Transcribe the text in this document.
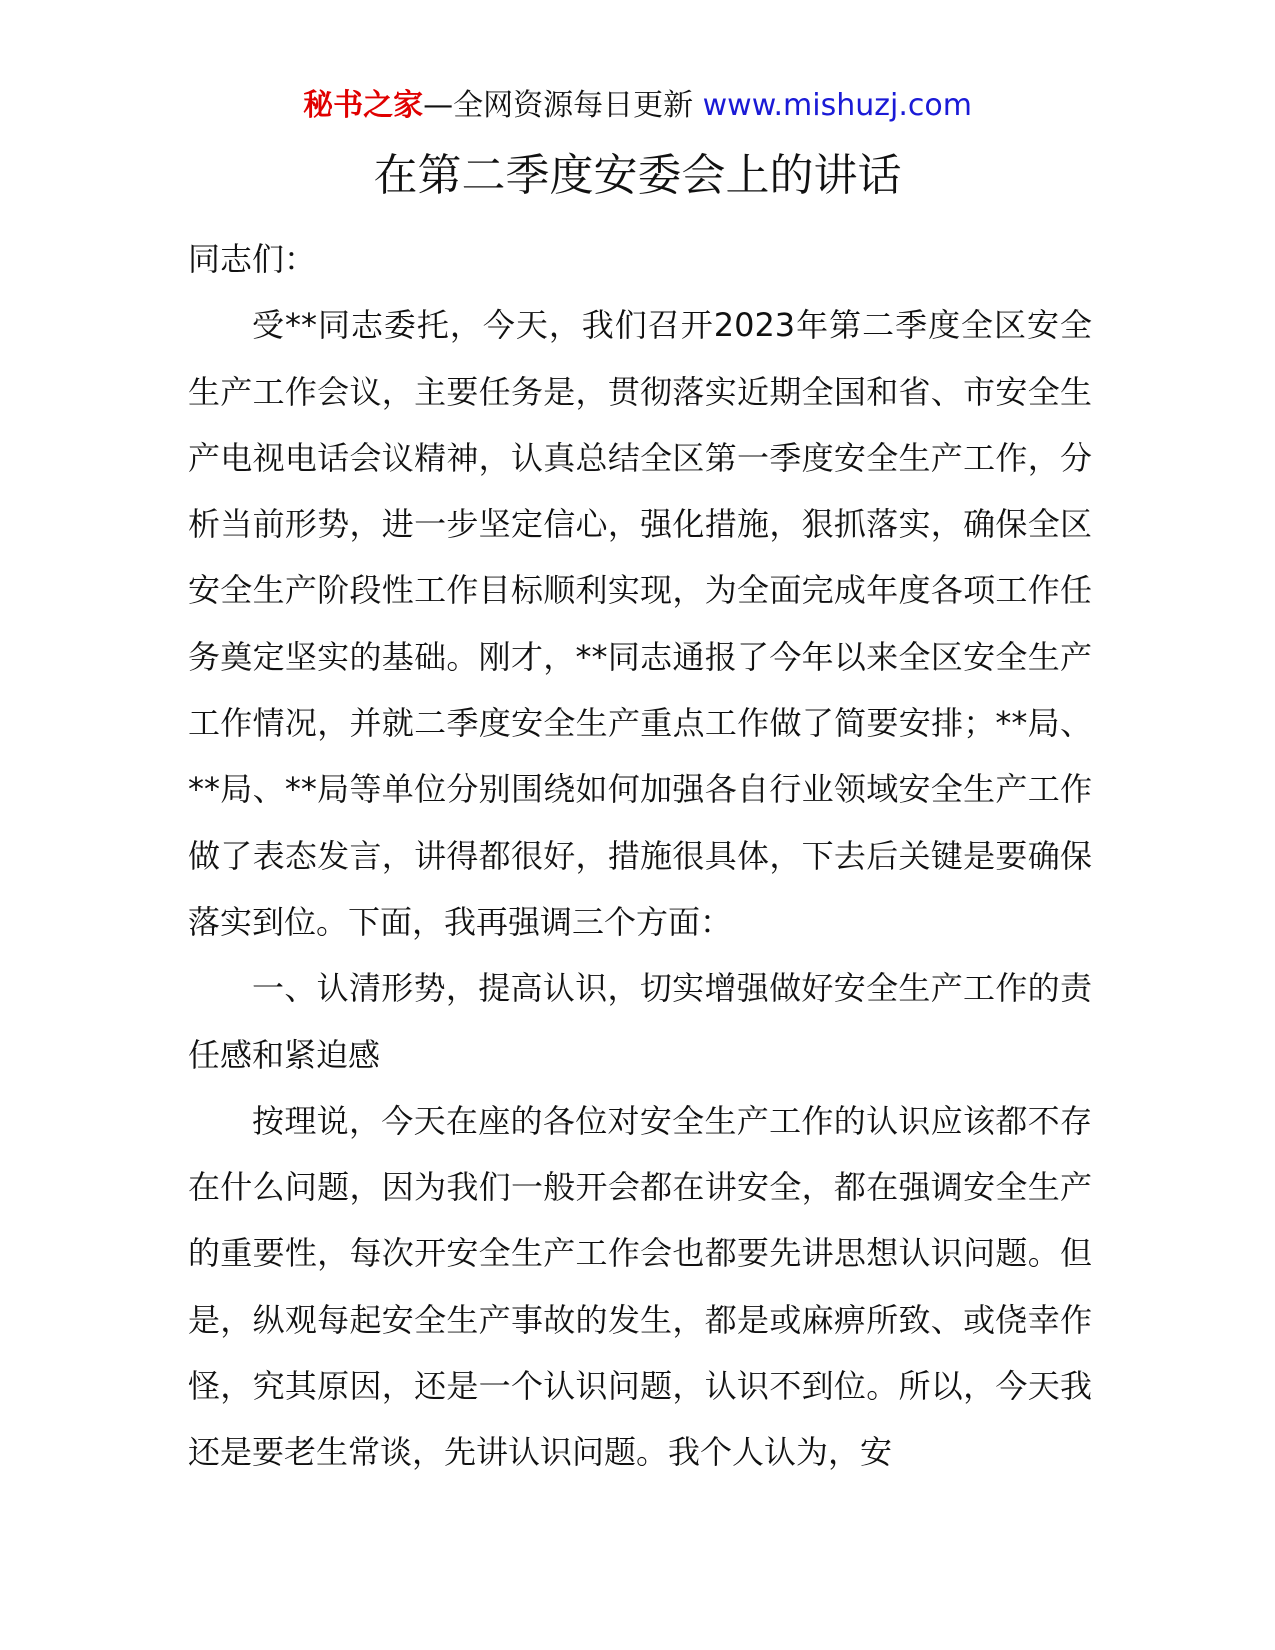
秘书之家—全网资源每日更新 www.mishuzj.com
在第二季度安委会上的讲话

同志们：

受**同志委托，今天，我们召开2023年第二季度全区安全生产工作会议，主要任务是，贯彻落实近期全国和省、市安全生产电视电话会议精神，认真总结全区第一季度安全生产工作，分析当前形势，进一步坚定信心，强化措施，狠抓落实，确保全区安全生产阶段性工作目标顺利实现，为全面完成年度各项工作任务奠定坚实的基础。刚才，**同志通报了今年以来全区安全生产工作情况，并就二季度安全生产重点工作做了简要安排；**局、**局、**局等单位分别围绕如何加强各自行业领域安全生产工作做了表态发言，讲得都很好，措施很具体，下去后关键是要确保落实到位。下面，我再强调三个方面：

一、认清形势，提高认识，切实增强做好安全生产工作的责任感和紧迫感

按理说，今天在座的各位对安全生产工作的认识应该都不存在什么问题，因为我们一般开会都在讲安全，都在强调安全生产的重要性，每次开安全生产工作会也都要先讲思想认识问题。但是，纵观每起安全生产事故的发生，都是或麻痹所致、或侥幸作怪，究其原因，还是一个认识问题，认识不到位。所以，今天我还是要老生常谈，先讲认识问题。我个人认为，安
